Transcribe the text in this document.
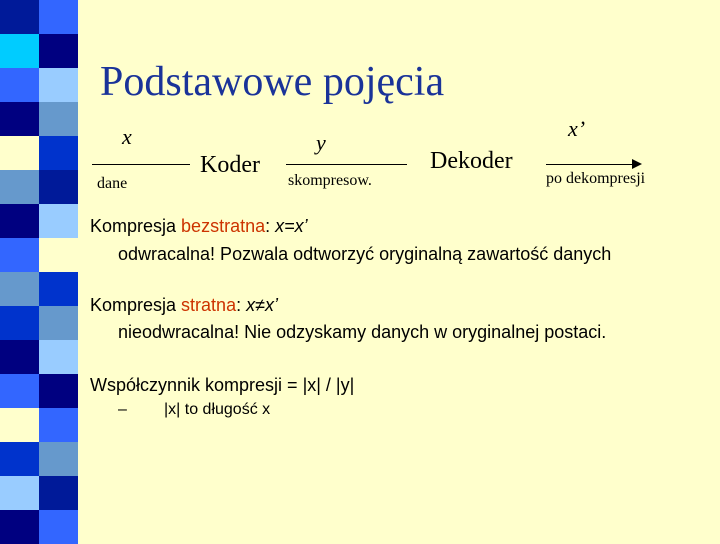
Podstawowe pojęcia
x	y
x’
dane
Koder
skompresow.
Dekoder
po dekompresji
Kompresja bezstratna: x=x’
odwracalna! Pozwala odtworzyć oryginalną zawartość danych
Kompresja stratna: x≠x’
nieodwracalna! Nie odzyskamy danych w oryginalnej postaci.
Współczynnik kompresji = |x| / |y|
– |x| to długość x
